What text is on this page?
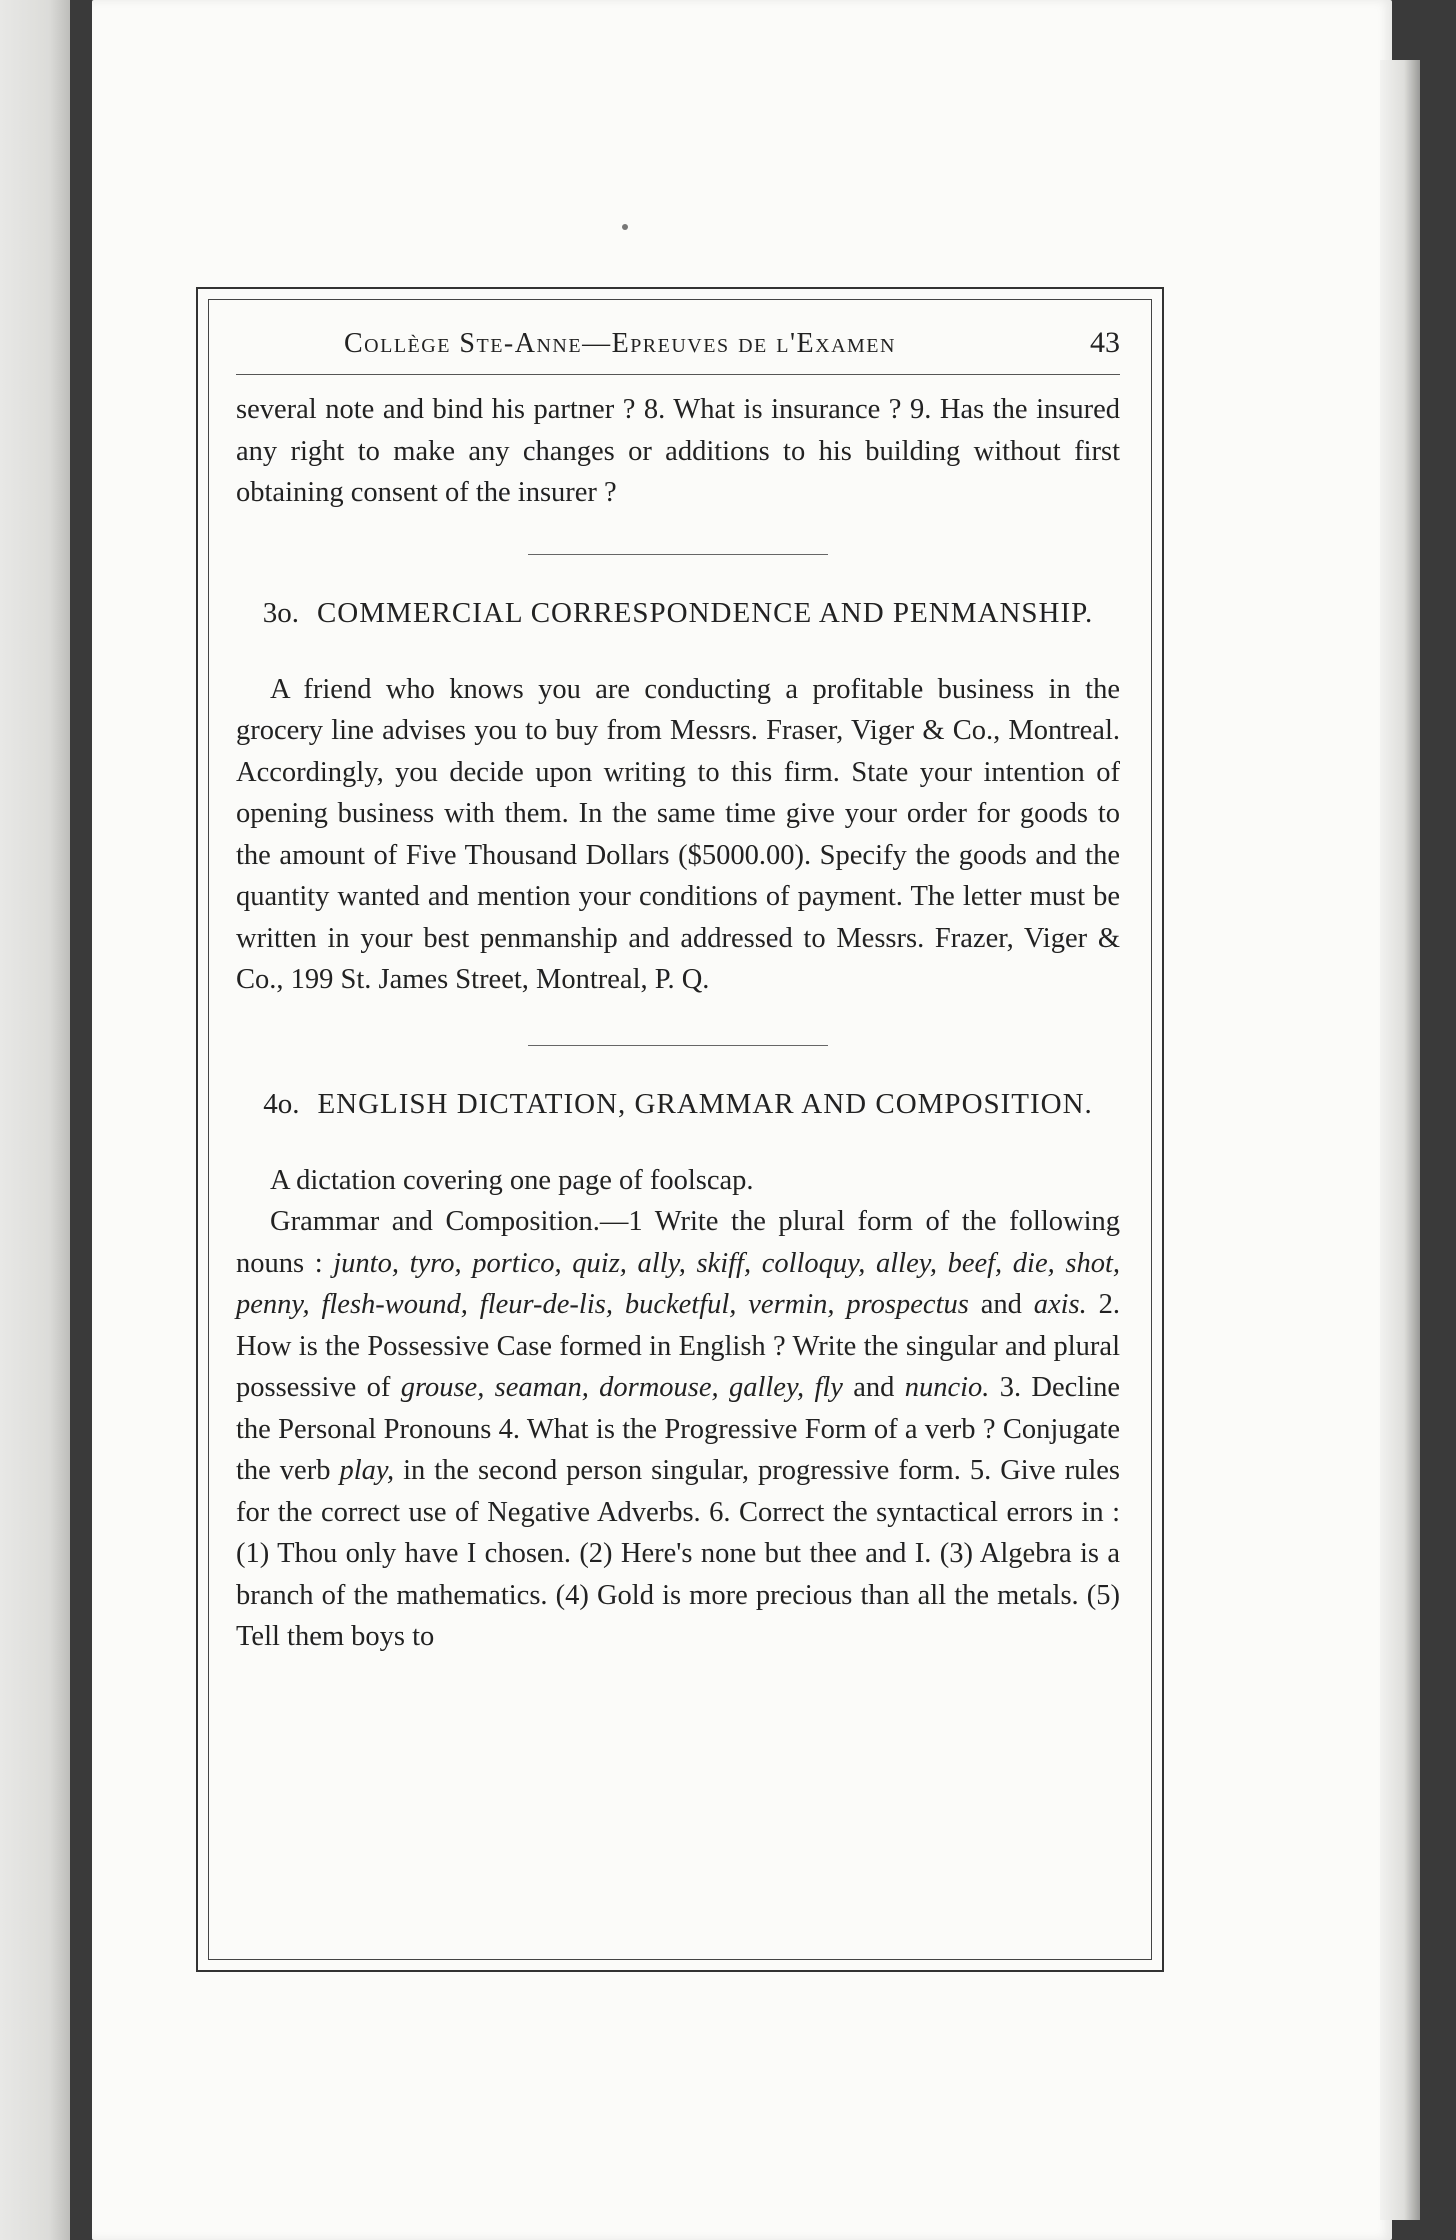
Collège Ste-Anne—Epreuves de l'Examen	43

several note and bind his partner ? 8. What is insurance ? 9. Has the insured any right to make any changes or additions to his building without first obtaining consent of the insurer ?

3o. COMMERCIAL CORRESPONDENCE AND PENMANSHIP.

A friend who knows you are conducting a profitable business in the grocery line advises you to buy from Messrs. Fraser, Viger & Co., Montreal. Accordingly, you decide upon writing to this firm. State your intention of opening business with them. In the same time give your order for goods to the amount of Five Thousand Dollars ($5000.00). Specify the goods and the quantity wanted and mention your conditions of payment. The letter must be written in your best penmanship and addressed to Messrs. Frazer, Viger & Co., 199 St. James Street, Montreal, P. Q.

4o. ENGLISH DICTATION, GRAMMAR AND COMPOSITION.

A dictation covering one page of foolscap.

Grammar and Composition.—1 Write the plural form of the following nouns : junto, tyro, portico, quiz, ally, skiff, colloquy, alley, beef, die, shot, penny, flesh-wound, fleur-de-lis, bucketful, vermin, prospectus and axis. 2. How is the Possessive Case formed in English ? Write the singular and plural possessive of grouse, seaman, dormouse, galley, fly and nuncio. 3. Decline the Personal Pronouns 4. What is the Progressive Form of a verb ? Conjugate the verb play, in the second person singular, progressive form. 5. Give rules for the correct use of Negative Adverbs. 6. Correct the syntactical errors in : (1) Thou only have I chosen. (2) Here's none but thee and I. (3) Algebra is a branch of the mathematics. (4) Gold is more precious than all the metals. (5) Tell them boys to
